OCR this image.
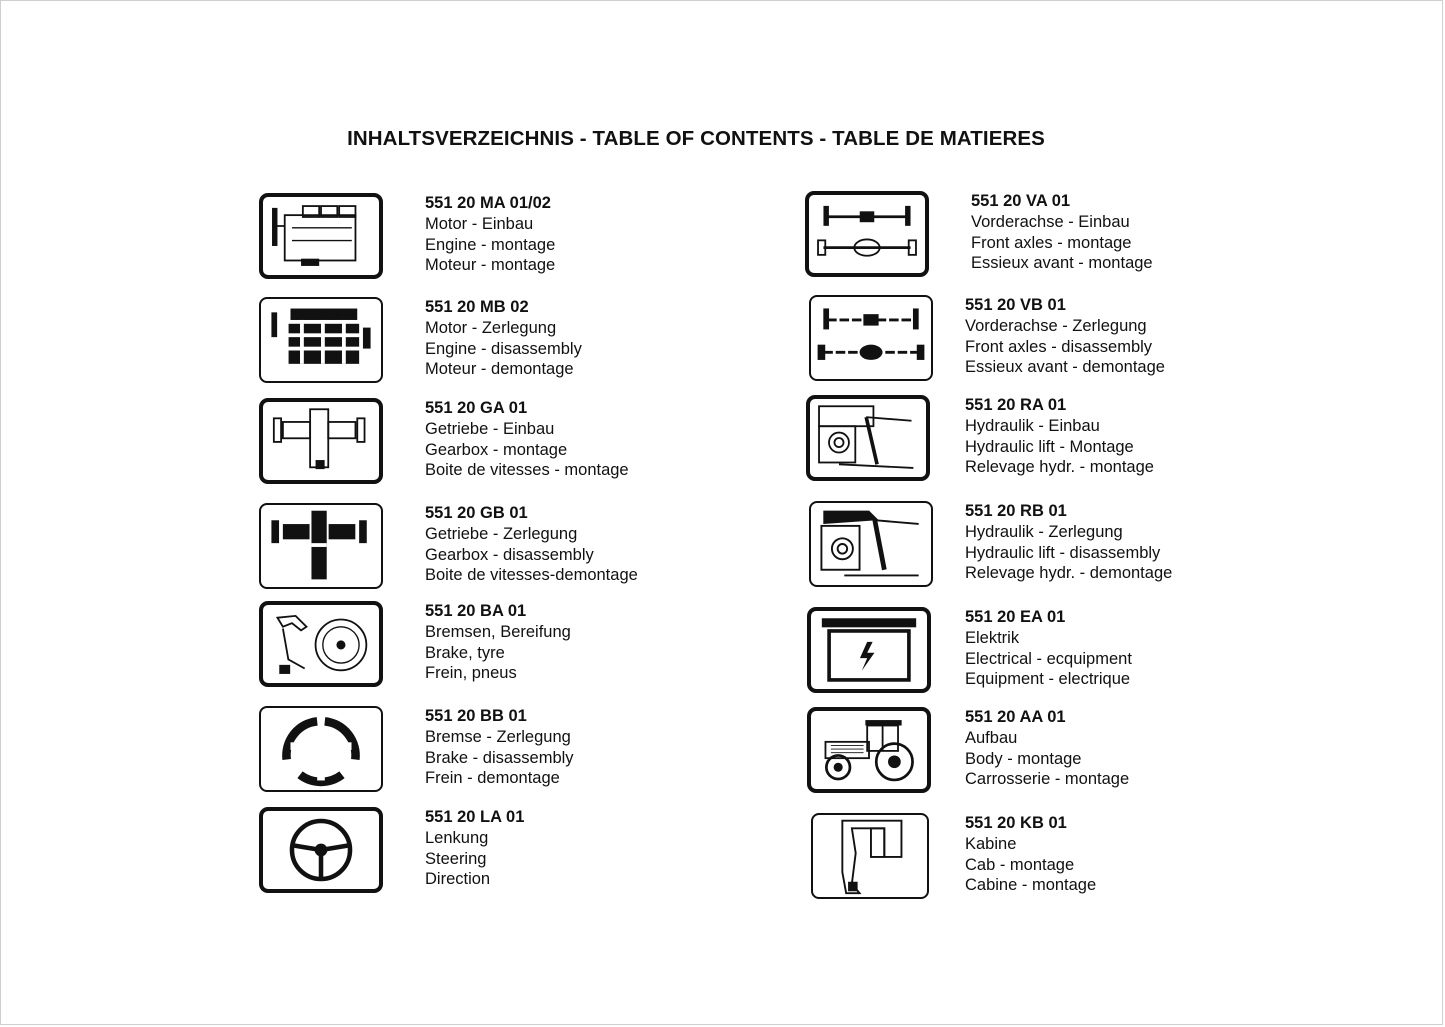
INHALTSVERZEICHNIS - TABLE OF CONTENTS - TABLE DE MATIERES
551 20 MA 01/02
Motor - Einbau
Engine - montage
Moteur - montage
551 20 MB 02
Motor - Zerlegung
Engine - disassembly
Moteur - demontage
551 20 GA 01
Getriebe - Einbau
Gearbox - montage
Boite de vitesses - montage
551 20 GB 01
Getriebe - Zerlegung
Gearbox - disassembly
Boite de vitesses-demontage
551 20 BA 01
Bremsen, Bereifung
Brake, tyre
Frein, pneus
551 20 BB 01
Bremse - Zerlegung
Brake - disassembly
Frein - demontage
551 20 LA 01
Lenkung
Steering
Direction
551 20 VA 01
Vorderachse - Einbau
Front axles - montage
Essieux avant - montage
551 20 VB 01
Vorderachse - Zerlegung
Front axles - disassembly
Essieux avant - demontage
551 20 RA 01
Hydraulik - Einbau
Hydraulic lift - Montage
Relevage hydr. - montage
551 20 RB 01
Hydraulik - Zerlegung
Hydraulic lift - disassembly
Relevage hydr. - demontage
551 20 EA 01
Elektrik
Electrical - ecquipment
Equipment - electrique
551 20 AA 01
Aufbau
Body - montage
Carrosserie - montage
551 20 KB 01
Kabine
Cab - montage
Cabine - montage
